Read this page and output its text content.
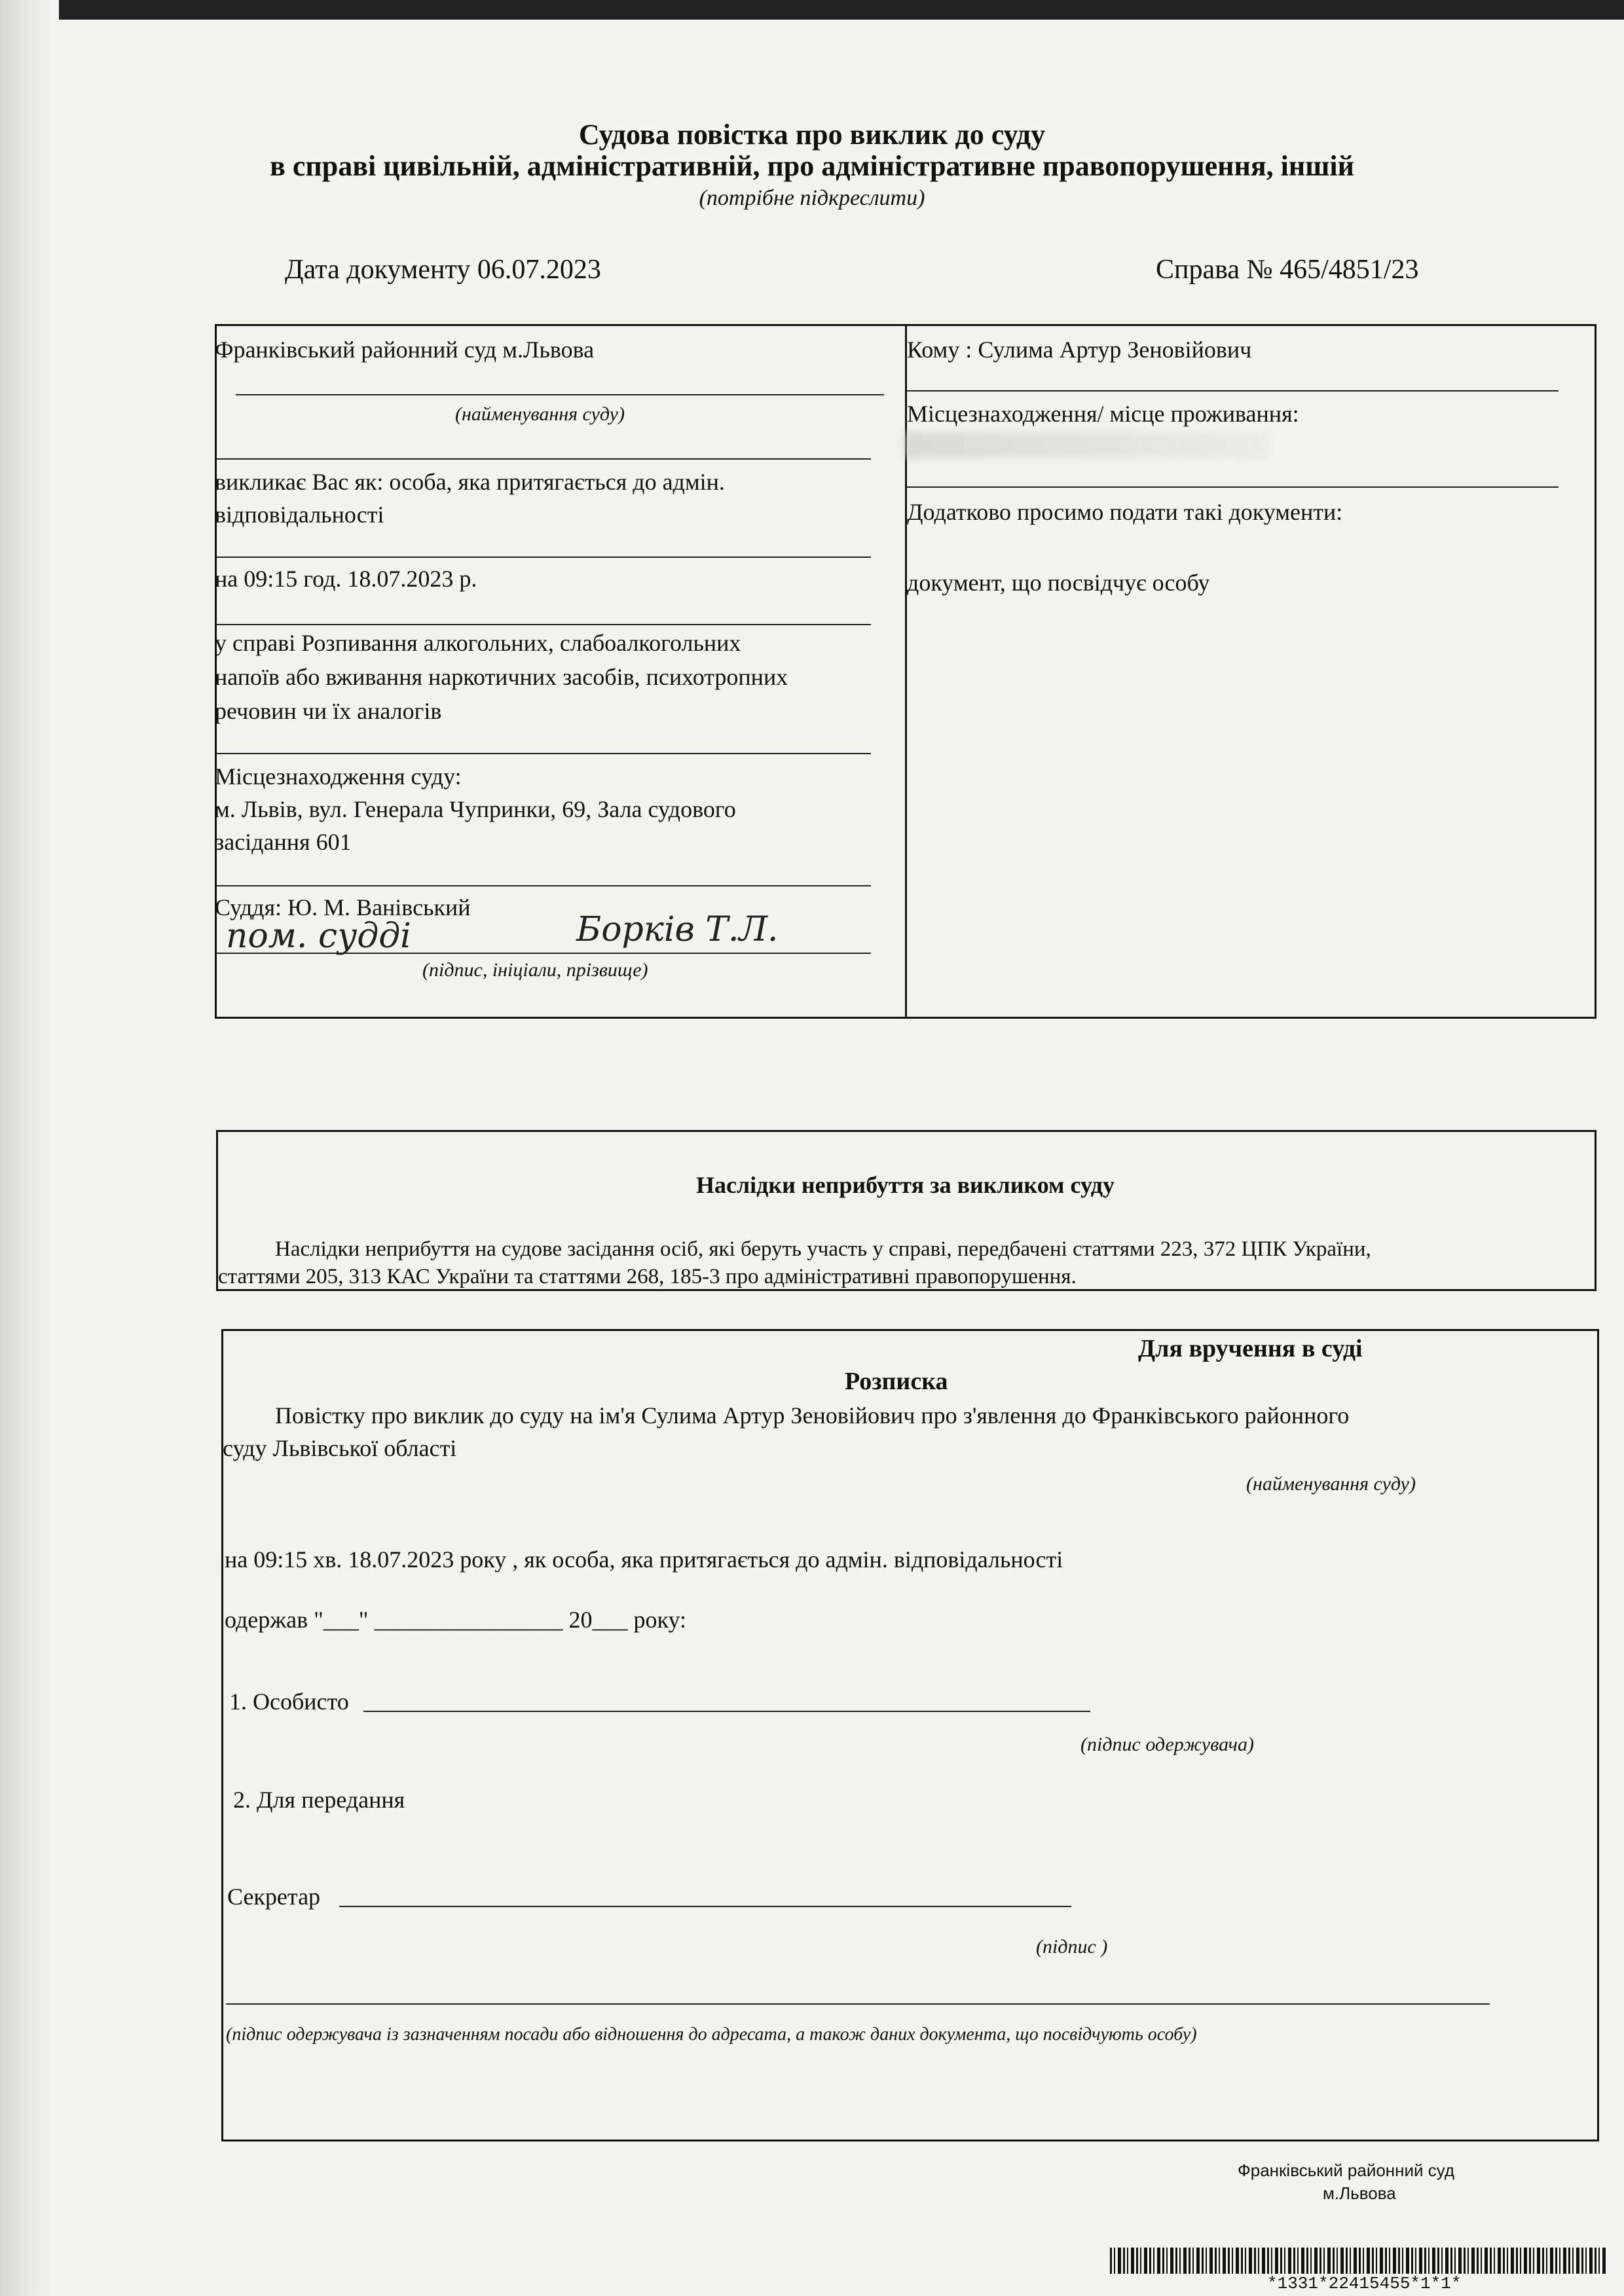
Судова повістка про виклик до суду
в справі цивільній, адміністративній, про адміністративне правопорушення, іншій
(потрібне підкреслити)
Дата документу 06.07.2023	Справа № 465/4851/23
Франківський районний суд м.Львова
(найменування суду)
викликає Вас як: особа, яка притягається до адмін.
відповідальності
на 09:15 год. 18.07.2023 р.
у справі Розпивання алкогольних, слабоалкогольних
напоїв або вживання наркотичних засобів, психотропних
речовин чи їх аналогів
Місцезнаходження суду:
м. Львів, вул. Генерала Чупринки, 69, Зала судового
засідання 601
Суддя: Ю. М. Ванівський
пом. судді	Борків Т.Л.
(підпис, ініціали, прізвище)
Кому : Сулима Артур Зеновійович
Місцезнаходження/ місце проживання:
Додатково просимо подати такі документи:
документ, що посвідчує особу
Наслідки неприбуття за викликом суду
Наслідки неприбуття на судове засідання осіб, які беруть участь у справі, передбачені статтями 223, 372 ЦПК України,
статтями 205, 313 КАС України та статтями 268, 185-3 про адміністративні правопорушення.
Для вручення в суді
Розписка
Повістку про виклик до суду на ім'я Сулима Артур Зеновійович про з'явлення до Франківського районного
суду Львівської області
(найменування суду)
на 09:15 хв. 18.07.2023 року , як особа, яка притягається до адмін. відповідальності
одержав "___" ________________ 20___ року:
1. Особисто
(підпис одержувача)
2. Для передання
Секретар
(підпис )
(підпис одержувача із зазначенням посади або відношення до адресата, а також даних документа, що посвідчують особу)
Франківський районний суд
м.Львова
*1331*22415455*1*1*
